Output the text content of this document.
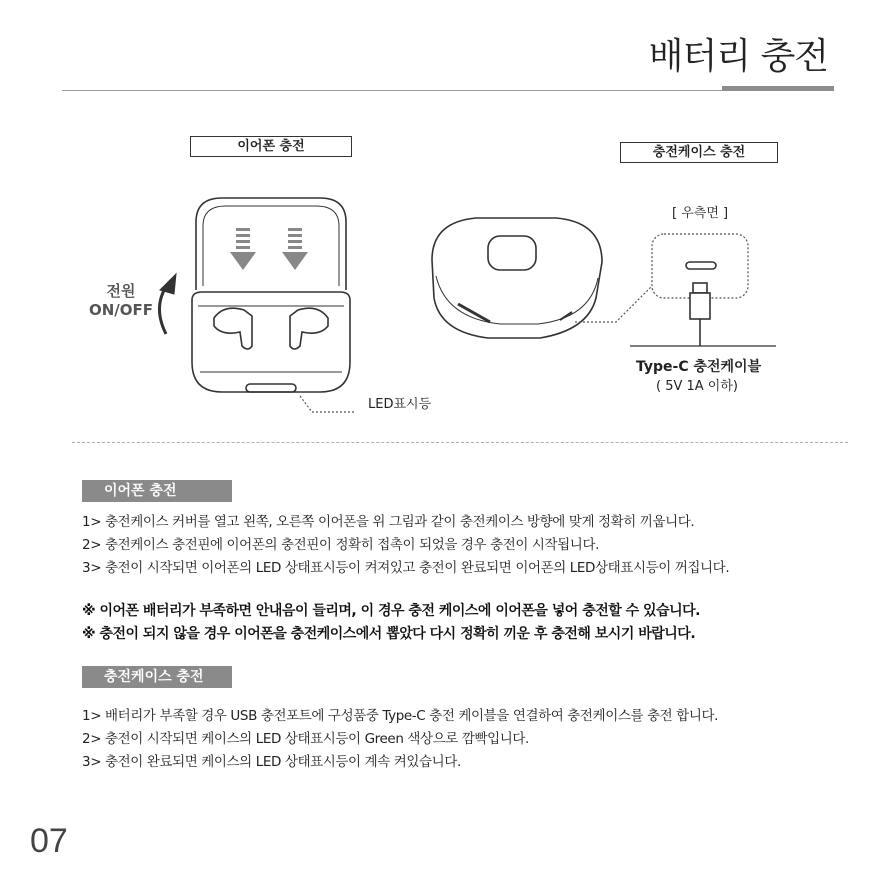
배터리 충전
이어폰 충전	충전케이스 충전
전원
ON/OFF
LED표시등
[ 우측면 ]
Type-C 충전케이블
( 5V 1A 이하)
이어폰 충전
1> 충전케이스 커버를 열고 왼쪽, 오른쪽 이어폰을 위 그림과 같이 충전케이스 방향에 맞게 정확히 끼웁니다.
2> 충전케이스 충전핀에 이어폰의 충전핀이 정확히 접촉이 되었을 경우 충전이 시작됩니다.
3> 충전이 시작되면 이어폰의 LED 상태표시등이 켜져있고 충전이 완료되면 이어폰의 LED상태표시등이 꺼집니다.
※ 이어폰 배터리가 부족하면 안내음이 들리며, 이 경우 충전 케이스에 이어폰을 넣어 충전할 수 있습니다.
※ 충전이 되지 않을 경우 이어폰을 충전케이스에서 뽑았다 다시 정확히 끼운 후 충전해 보시기 바랍니다.
충전케이스 충전
1> 배터리가 부족할 경우 USB 충전포트에 구성품중 Type-C 충전 케이블을 연결하여 충전케이스를 충전 합니다.
2> 충전이 시작되면 케이스의 LED 상태표시등이 Green 색상으로 깜빡입니다.
3> 충전이 완료되면 케이스의 LED 상태표시등이 계속 켜있습니다.
07
